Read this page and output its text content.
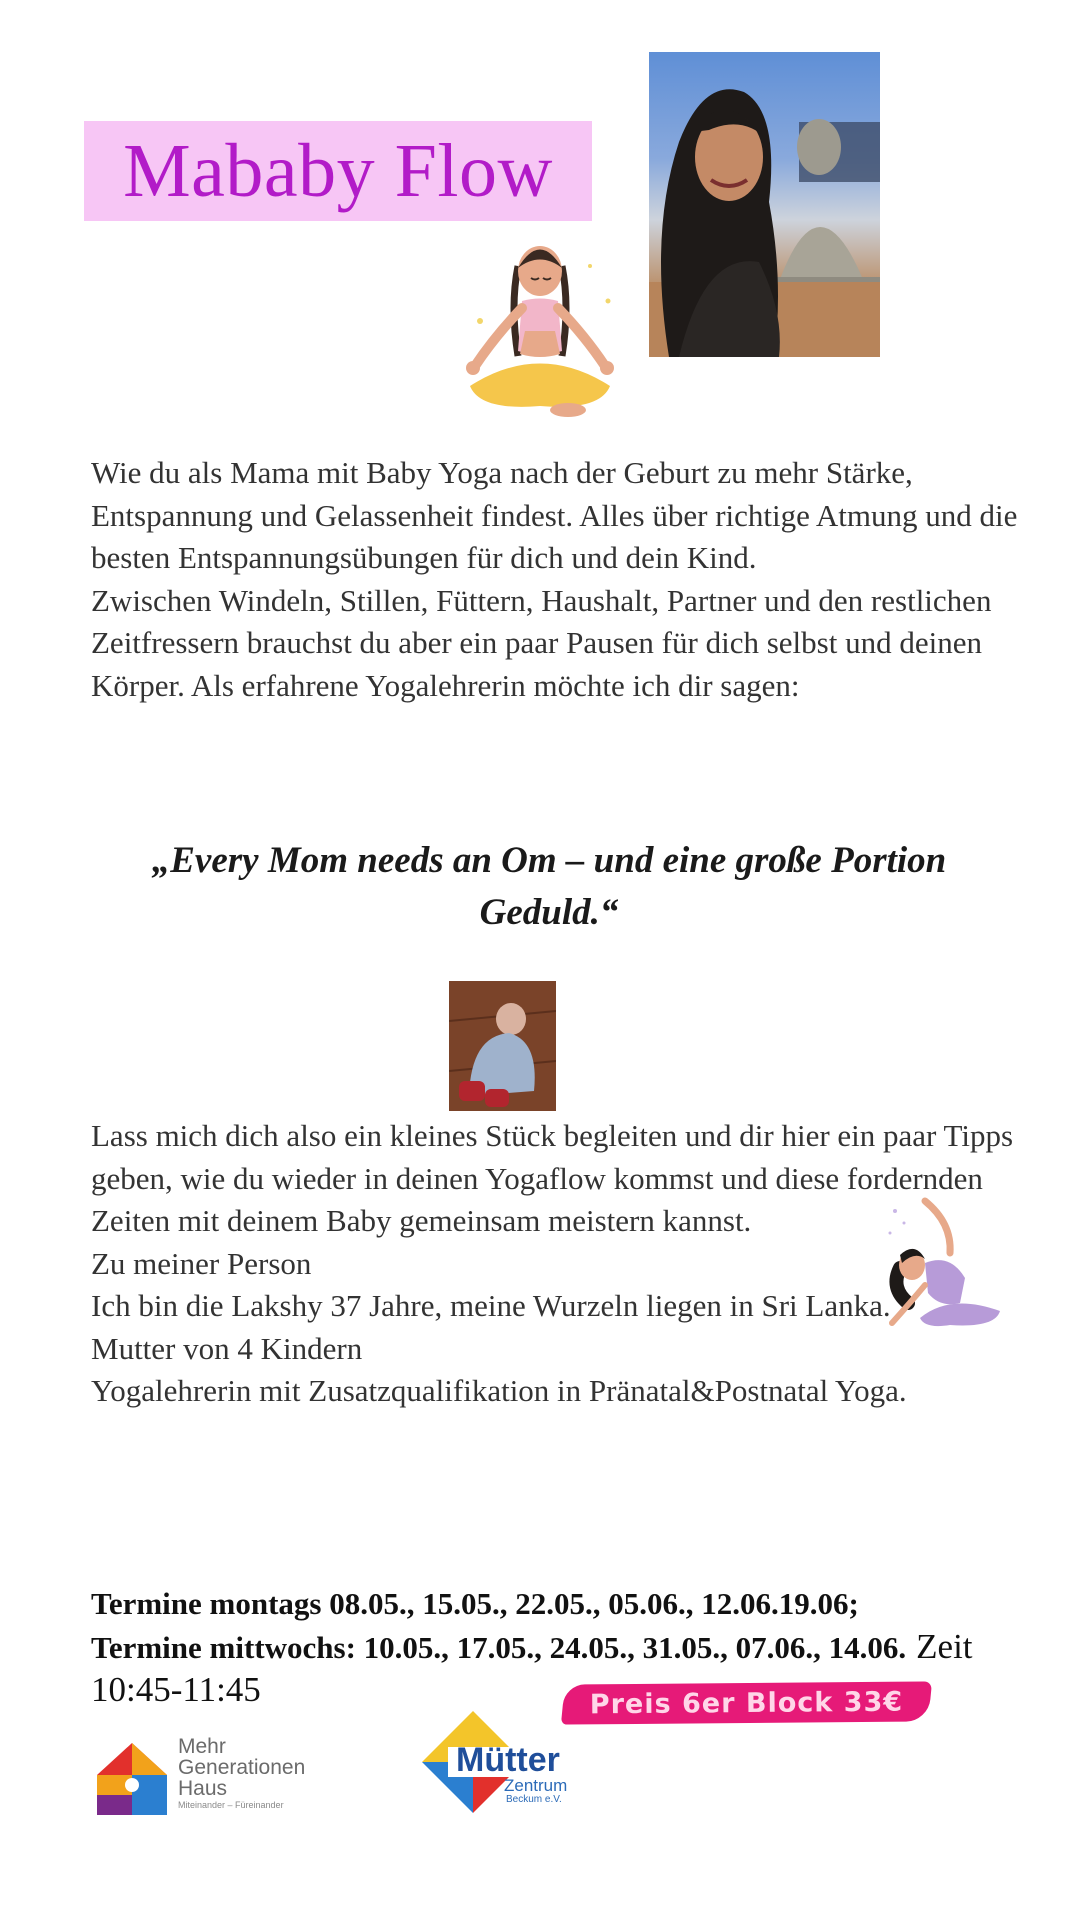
Mababy Flow
Wie du als Mama mit Baby Yoga nach der Geburt zu mehr Stärke, Entspannung und Gelassenheit findest. Alles über richtige Atmung und die besten Entspannungsübungen für dich und dein Kind.
Zwischen Windeln, Stillen, Füttern, Haushalt, Partner und den restlichen Zeitfressern brauchst du aber ein paar Pausen für dich selbst und deinen Körper. Als erfahrene Yogalehrerin möchte ich dir sagen:

„Every Mom needs an Om – und eine große Portion Geduld.“

Lass mich dich also ein kleines Stück begleiten und dir hier ein paar Tipps geben, wie du wieder in deinen Yogaflow kommst und diese fordernden Zeiten mit deinem Baby gemeinsam meistern kannst.
Zu meiner Person
Ich bin die Lakshy 37 Jahre, meine Wurzeln liegen in Sri Lanka.
Mutter von 4 Kindern
Yogalehrerin mit Zusatzqualifikation in Pränatal&Postnatal Yoga.
Termine montags 08.05., 15.05., 22.05., 05.06., 12.06.19.06;
Termine mittwochs: 10.05., 17.05., 24.05., 31.05., 07.06., 14.06. Zeit 10:45-11:45	Preis 6er Block 33€
Mehr
Generationen
Haus
Miteinander – Füreinander
Mütter
Zentrum
Beckum e.V.
